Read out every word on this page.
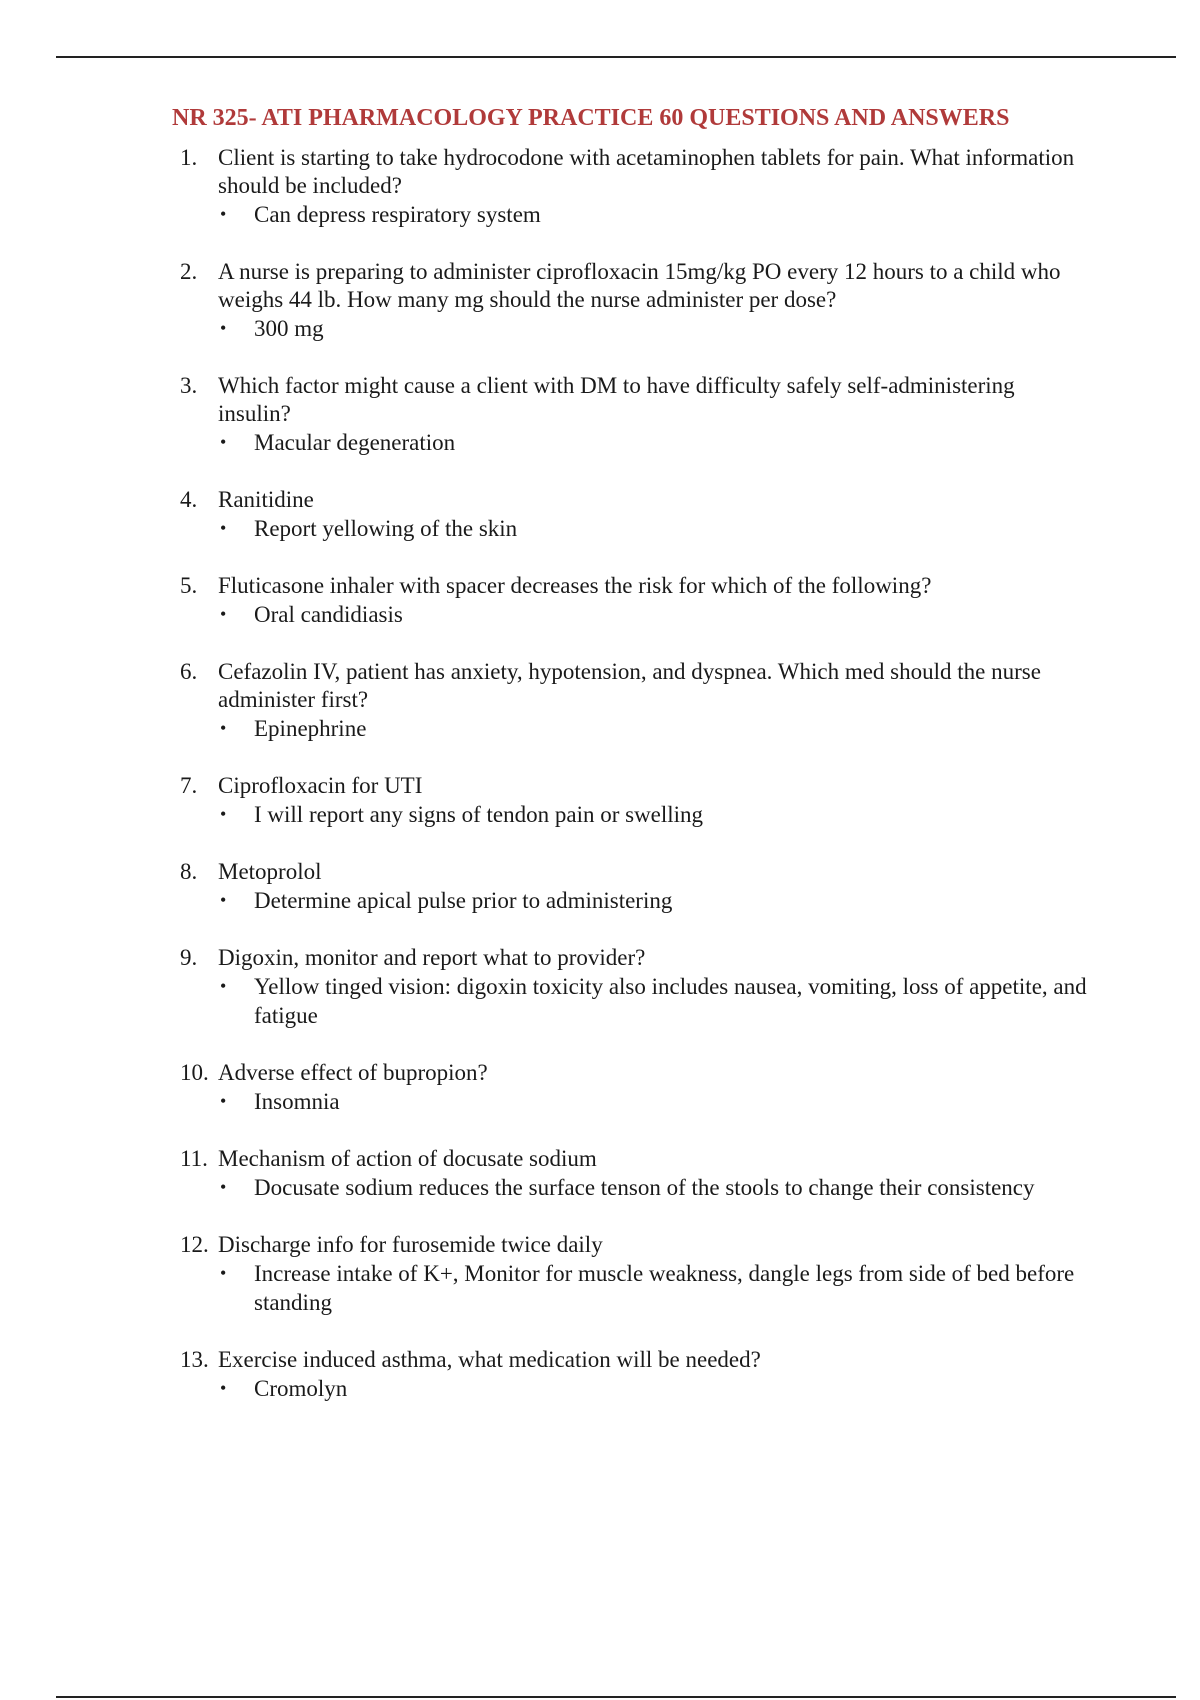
NR 325- ATI PHARMACOLOGY PRACTICE 60 QUESTIONS AND ANSWERS
1. Client is starting to take hydrocodone with acetaminophen tablets for pain. What information should be included?
• Can depress respiratory system
2. A nurse is preparing to administer ciprofloxacin 15mg/kg PO every 12 hours to a child who weighs 44 lb. How many mg should the nurse administer per dose?
• 300 mg
3. Which factor might cause a client with DM to have difficulty safely self-administering insulin?
• Macular degeneration
4. Ranitidine
• Report yellowing of the skin
5. Fluticasone inhaler with spacer decreases the risk for which of the following?
• Oral candidiasis
6. Cefazolin IV, patient has anxiety, hypotension, and dyspnea. Which med should the nurse administer first?
• Epinephrine
7. Ciprofloxacin for UTI
• I will report any signs of tendon pain or swelling
8. Metoprolol
• Determine apical pulse prior to administering
9. Digoxin, monitor and report what to provider?
• Yellow tinged vision: digoxin toxicity also includes nausea, vomiting, loss of appetite, and fatigue
10. Adverse effect of bupropion?
• Insomnia
11. Mechanism of action of docusate sodium
• Docusate sodium reduces the surface tenson of the stools to change their consistency
12. Discharge info for furosemide twice daily
• Increase intake of K+, Monitor for muscle weakness, dangle legs from side of bed before standing
13. Exercise induced asthma, what medication will be needed?
• Cromolyn
